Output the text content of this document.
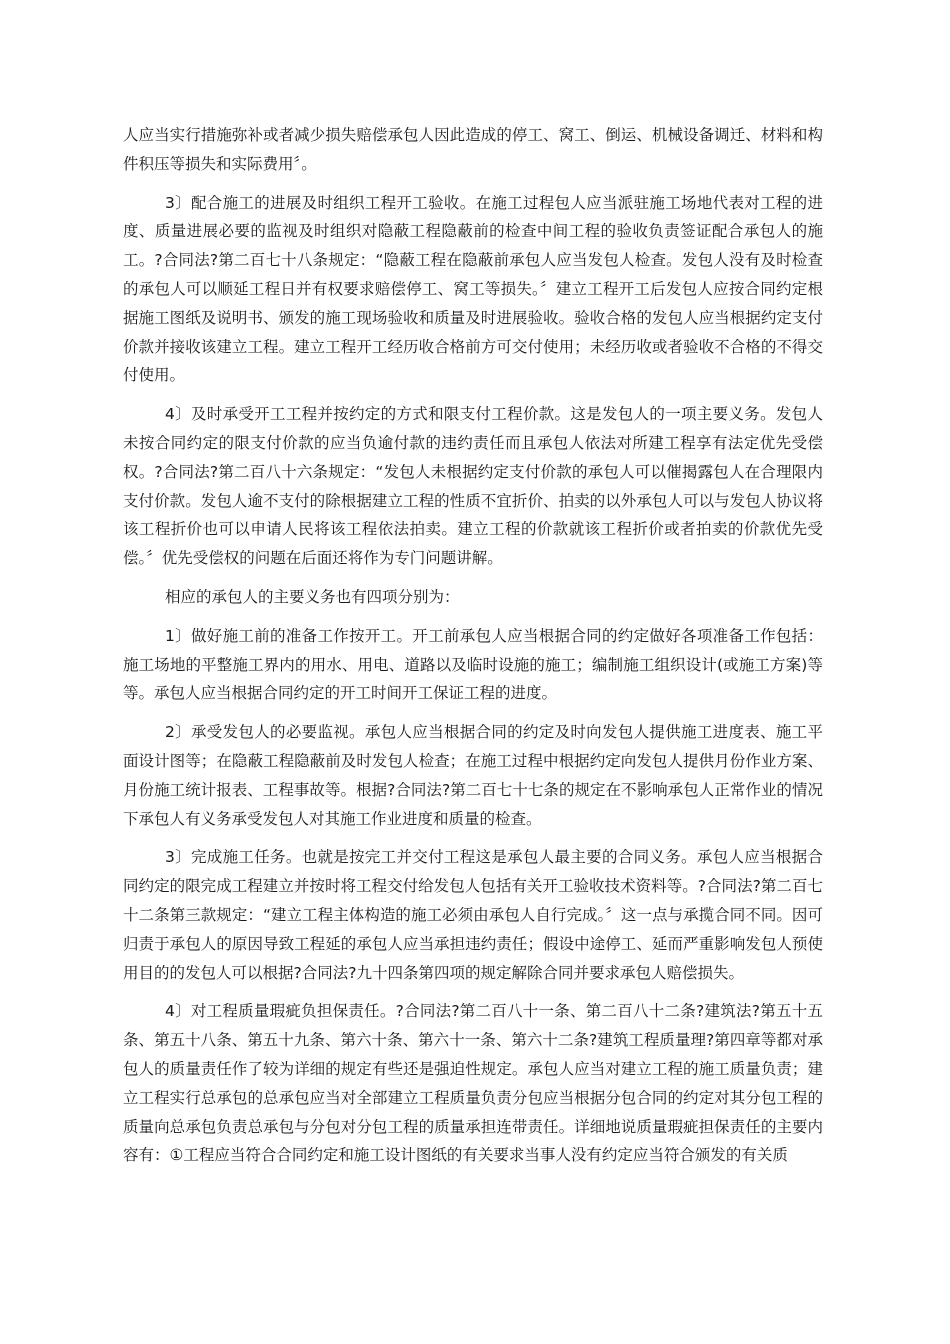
人应当实行措施弥补或者减少损失赔偿承包人因此造成的停工、窝工、倒运、机械设备调迁、材料和构件积压等损失和实际费用〞。

3〕配合施工的进展及时组织工程开工验收。在施工过程包人应当派驻施工场地代表对工程的进度、质量进展必要的监视及时组织对隐蔽工程隐蔽前的检查中间工程的验收负责签证配合承包人的施工。?合同法?第二百七十八条规定：“隐蔽工程在隐蔽前承包人应当发包人检查。发包人没有及时检查的承包人可以顺延工程日并有权要求赔偿停工、窝工等损失。〞建立工程开工后发包人应按合同约定根据施工图纸及说明书、颁发的施工现场验收和质量及时进展验收。验收合格的发包人应当根据约定支付价款并接收该建立工程。建立工程开工经历收合格前方可交付使用；未经历收或者验收不合格的不得交付使用。

4〕及时承受开工工程并按约定的方式和限支付工程价款。这是发包人的一项主要义务。发包人未按合同约定的限支付价款的应当负逾付款的违约责任而且承包人依法对所建工程享有法定优先受偿权。?合同法?第二百八十六条规定：“发包人未根据约定支付价款的承包人可以催揭露包人在合理限内支付价款。发包人逾不支付的除根据建立工程的性质不宜折价、拍卖的以外承包人可以与发包人协议将该工程折价也可以申请人民将该工程依法拍卖。建立工程的价款就该工程折价或者拍卖的价款优先受偿。〞优先受偿权的问题在后面还将作为专门问题讲解。

相应的承包人的主要义务也有四项分别为：

1〕做好施工前的准备工作按开工。开工前承包人应当根据合同的约定做好各项准备工作包括：施工场地的平整施工界内的用水、用电、道路以及临时设施的施工；编制施工组织设计(或施工方案)等等。承包人应当根据合同约定的开工时间开工保证工程的进度。

2〕承受发包人的必要监视。承包人应当根据合同的约定及时向发包人提供施工进度表、施工平面设计图等；在隐蔽工程隐蔽前及时发包人检查；在施工过程中根据约定向发包人提供月份作业方案、月份施工统计报表、工程事故等。根据?合同法?第二百七十七条的规定在不影响承包人正常作业的情况下承包人有义务承受发包人对其施工作业进度和质量的检查。

3〕完成施工任务。也就是按完工并交付工程这是承包人最主要的合同义务。承包人应当根据合同约定的限完成工程建立并按时将工程交付给发包人包括有关开工验收技术资料等。?合同法?第二百七十二条第三款规定：“建立工程主体构造的施工必须由承包人自行完成。〞这一点与承揽合同不同。因可归责于承包人的原因导致工程延的承包人应当承担违约责任；假设中途停工、延而严重影响发包人预使用目的的发包人可以根据?合同法?九十四条第四项的规定解除合同并要求承包人赔偿损失。

4〕对工程质量瑕疵负担保责任。?合同法?第二百八十一条、第二百八十二条?建筑法?第五十五条、第五十八条、第五十九条、第六十条、第六十一条、第六十二条?建筑工程质量理?第四章等都对承包人的质量责任作了较为详细的规定有些还是强迫性规定。承包人应当对建立工程的施工质量负责；建立工程实行总承包的总承包应当对全部建立工程质量负责分包应当根据分包合同的约定对其分包工程的质量向总承包负责总承包与分包对分包工程的质量承担连带责任。详细地说质量瑕疵担保责任的主要内容有：①工程应当符合合同约定和施工设计图纸的有关要求当事人没有约定应当符合颁发的有关质
